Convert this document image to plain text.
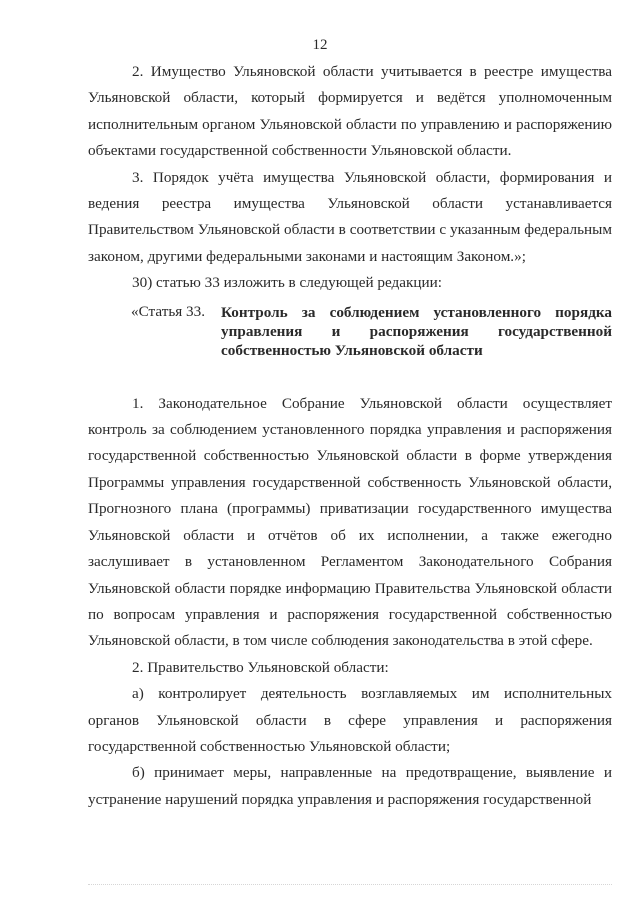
12

2. Имущество Ульяновской области учитывается в реестре имущества Ульяновской области, который формируется и ведётся уполномоченным исполнительным органом Ульяновской области по управлению и распоряжению объектами государственной собственности Ульяновской области.

3. Порядок учёта имущества Ульяновской области, формирования и ведения реестра имущества Ульяновской области устанавливается Правительством Ульяновской области в соответствии с указанным федеральным законом, другими федеральными законами и настоящим Законом.»;

30) статью 33 изложить в следующей редакции:

«Статья 33.	Контроль за соблюдением установленного порядка управления и распоряжения государственной собственностью Ульяновской области

1. Законодательное Собрание Ульяновской области осуществляет контроль за соблюдением установленного порядка управления и распоряжения государственной собственностью Ульяновской области в форме утверждения Программы управления государственной собственность Ульяновской области, Прогнозного плана (программы) приватизации государственного имущества Ульяновской области и отчётов об их исполнении, а также ежегодно заслушивает в установленном Регламентом Законодательного Собрания Ульяновской области порядке информацию Правительства Ульяновской области по вопросам управления и распоряжения государственной собственностью Ульяновской области, в том числе соблюдения законодательства в этой сфере.

2. Правительство Ульяновской области:

а) контролирует деятельность возглавляемых им исполнительных органов Ульяновской области в сфере управления и распоряжения государственной собственностью Ульяновской области;

б) принимает меры, направленные на предотвращение, выявление и устранение нарушений порядка управления и распоряжения государственной
